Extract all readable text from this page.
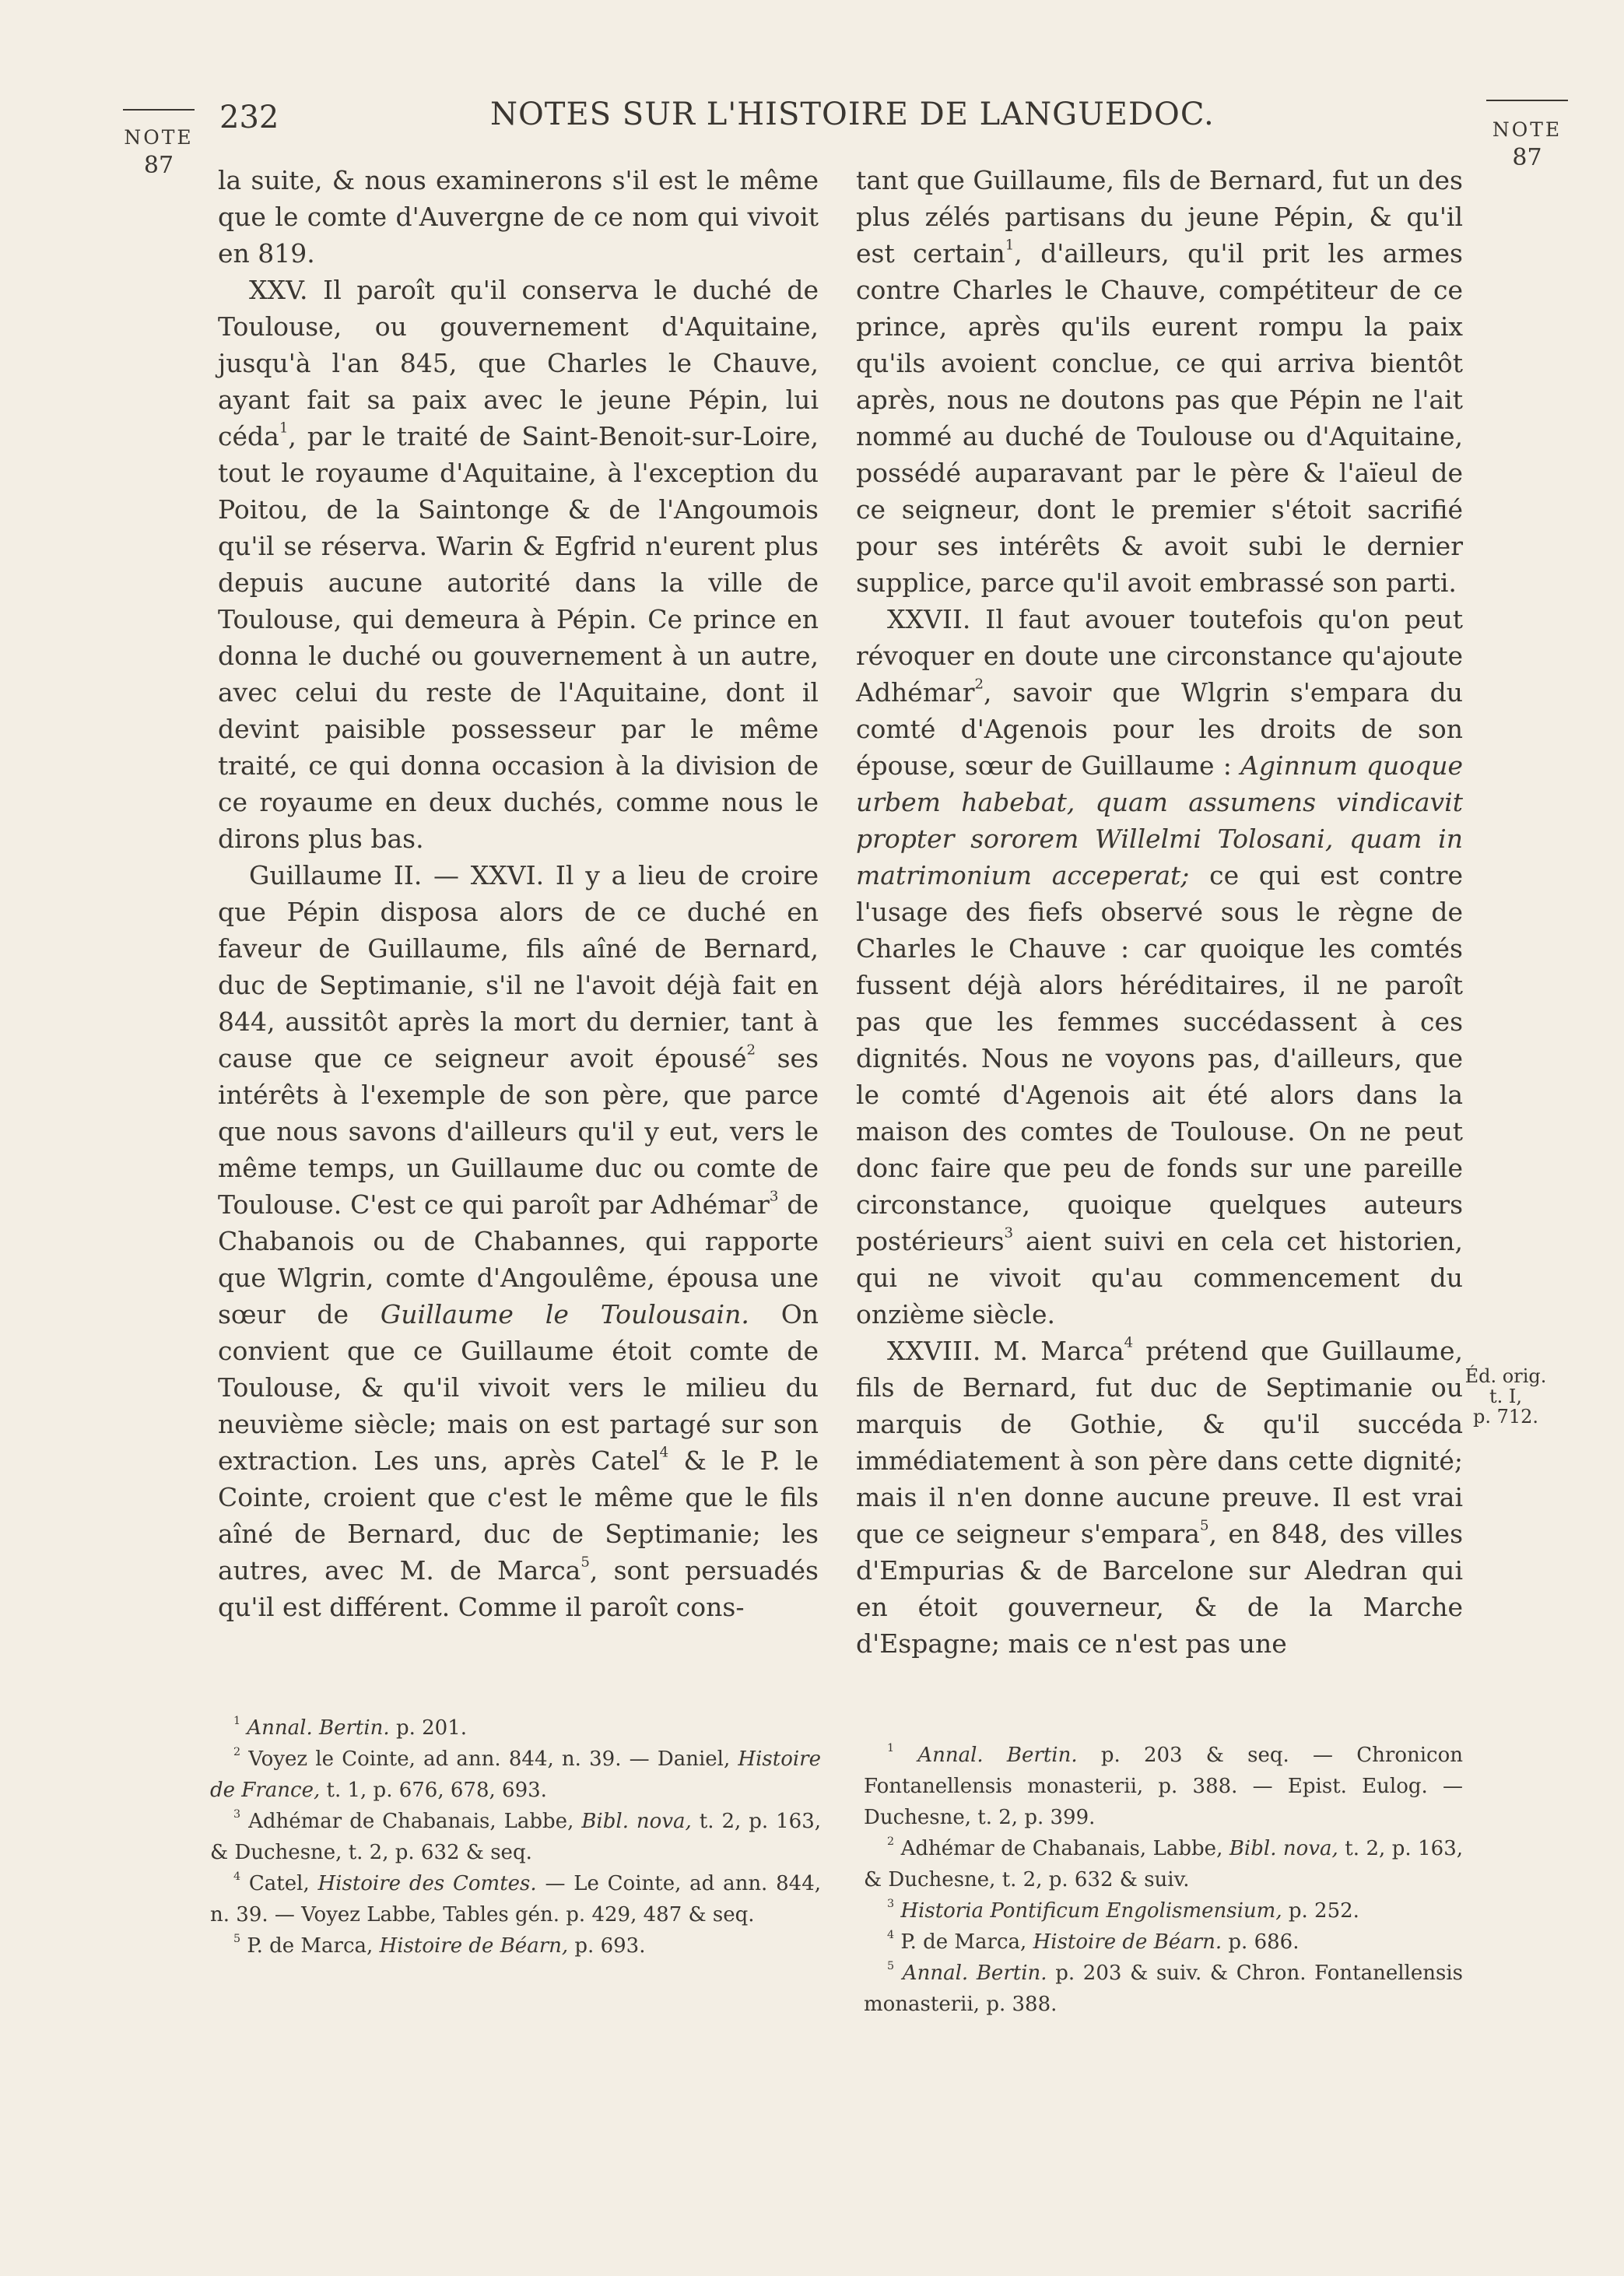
NOTE
87
NOTE
87
Éd. orig.
t. I,
p. 712.
232	NOTES SUR L'HISTOIRE DE LANGUEDOC.

la suite, & nous examinerons s'il est le même que le comte d'Auvergne de ce nom qui vivoit en 819.

XXV. Il paroît qu'il conserva le duché de Toulouse, ou gouvernement d'Aquitaine, jusqu'à l'an 845, que Charles le Chauve, ayant fait sa paix avec le jeune Pépin, lui céda$^1$, par le traité de Saint-Benoit-sur-Loire, tout le royaume d'Aquitaine, à l'exception du Poitou, de la Saintonge & de l'Angoumois qu'il se réserva. Warin & Egfrid n'eurent plus depuis aucune autorité dans la ville de Toulouse, qui demeura à Pépin. Ce prince en donna le duché ou gouvernement à un autre, avec celui du reste de l'Aquitaine, dont il devint paisible possesseur par le même traité, ce qui donna occasion à la division de ce royaume en deux duchés, comme nous le dirons plus bas.

Guillaume II. — XXVI. Il y a lieu de croire que Pépin disposa alors de ce duché en faveur de Guillaume, fils aîné de Bernard, duc de Septimanie, s'il ne l'avoit déjà fait en 844, aussitôt après la mort du dernier, tant à cause que ce seigneur avoit épousé$^2$ ses intérêts à l'exemple de son père, que parce que nous savons d'ailleurs qu'il y eut, vers le même temps, un Guillaume duc ou comte de Toulouse. C'est ce qui paroît par Adhémar$^3$ de Chabanois ou de Chabannes, qui rapporte que Wlgrin, comte d'Angoulême, épousa une sœur de Guillaume le Toulousain. On convient que ce Guillaume étoit comte de Toulouse, & qu'il vivoit vers le milieu du neuvième siècle; mais on est partagé sur son extraction. Les uns, après Catel$^4$ & le P. le Cointe, croient que c'est le même que le fils aîné de Bernard, duc de Septimanie; les autres, avec M. de Marca$^5$, sont persuadés qu'il est différent. Comme il paroît cons-

tant que Guillaume, fils de Bernard, fut un des plus zélés partisans du jeune Pépin, & qu'il est certain$^1$, d'ailleurs, qu'il prit les armes contre Charles le Chauve, compétiteur de ce prince, après qu'ils eurent rompu la paix qu'ils avoient conclue, ce qui arriva bientôt après, nous ne doutons pas que Pépin ne l'ait nommé au duché de Toulouse ou d'Aquitaine, possédé auparavant par le père & l'aïeul de ce seigneur, dont le premier s'étoit sacrifié pour ses intérêts & avoit subi le dernier supplice, parce qu'il avoit embrassé son parti.

XXVII. Il faut avouer toutefois qu'on peut révoquer en doute une circonstance qu'ajoute Adhémar$^2$, savoir que Wlgrin s'empara du comté d'Agenois pour les droits de son épouse, sœur de Guillaume : Aginnum quoque urbem habebat, quam assumens vindicavit propter sororem Willelmi Tolosani, quam in matrimonium acceperat; ce qui est contre l'usage des fiefs observé sous le règne de Charles le Chauve : car quoique les comtés fussent déjà alors héréditaires, il ne paroît pas que les femmes succédassent à ces dignités. Nous ne voyons pas, d'ailleurs, que le comté d'Agenois ait été alors dans la maison des comtes de Toulouse. On ne peut donc faire que peu de fonds sur une pareille circonstance, quoique quelques auteurs postérieurs$^3$ aient suivi en cela cet historien, qui ne vivoit qu'au commencement du onzième siècle.

XXVIII. M. Marca$^4$ prétend que Guillaume, fils de Bernard, fut duc de Septimanie ou marquis de Gothie, & qu'il succéda immédiatement à son père dans cette dignité; mais il n'en donne aucune preuve. Il est vrai que ce seigneur s'empara$^5$, en 848, des villes d'Empurias & de Barcelone sur Aledran qui en étoit gouverneur, & de la Marche d'Espagne; mais ce n'est pas une

$^1$ Annal. Bertin. p. 201.

$^2$ Voyez le Cointe, ad ann. 844, n. 39. — Daniel, Histoire de France, t. 1, p. 676, 678, 693.

$^3$ Adhémar de Chabanais, Labbe, Bibl. nova, t. 2, p. 163, & Duchesne, t. 2, p. 632 & seq.

$^4$ Catel, Histoire des Comtes. — Le Cointe, ad ann. 844, n. 39. — Voyez Labbe, Tables gén. p. 429, 487 & seq.

$^5$ P. de Marca, Histoire de Béarn, p. 693.

$^1$ Annal. Bertin. p. 203 & seq. — Chronicon Fontanellensis monasterii, p. 388. — Epist. Eulog. — Duchesne, t. 2, p. 399.

$^2$ Adhémar de Chabanais, Labbe, Bibl. nova, t. 2, p. 163, & Duchesne, t. 2, p. 632 & suiv.

$^3$ Historia Pontificum Engolismensium, p. 252.

$^4$ P. de Marca, Histoire de Béarn. p. 686.

$^5$ Annal. Bertin. p. 203 & suiv. & Chron. Fontanellensis monasterii, p. 388.
